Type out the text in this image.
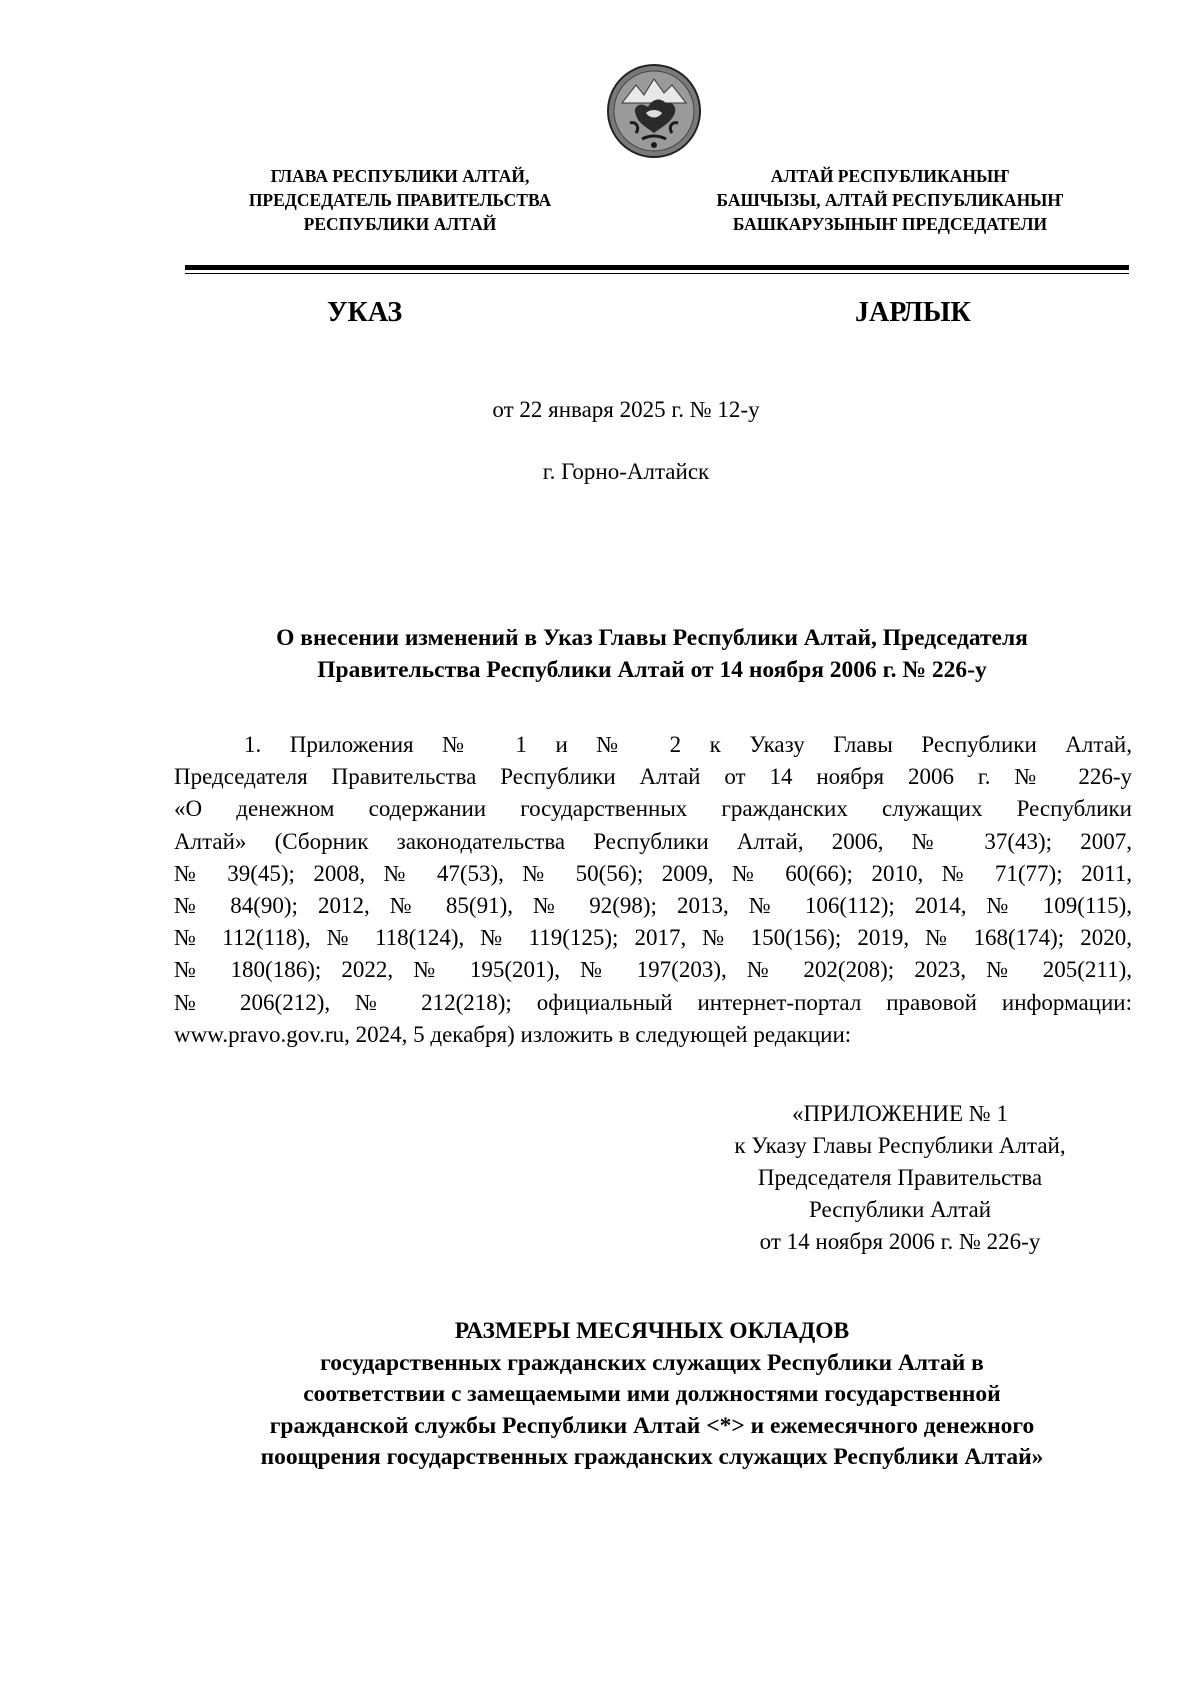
ГЛАВА РЕСПУБЛИКИ АЛТАЙ,
ПРЕДСЕДАТЕЛЬ ПРАВИТЕЛЬСТВА
РЕСПУБЛИКИ АЛТАЙ
АЛТАЙ РЕСПУБЛИКАНЫҤ
БАШЧЫЗЫ, АЛТАЙ РЕСПУБЛИКАНЫҤ
БАШКАРУЗЫНЫҤ ПРЕДСЕДАТЕЛИ
УКАЗ	ЈАРЛЫК
от 22 января 2025 г. № 12-у
г. Горно-Алтайск
О внесении изменений в Указ Главы Республики Алтай, Председателя
Правительства Республики Алтай от 14 ноября 2006 г. № 226-у
1. Приложения № 1 и № 2 к Указу Главы Республики Алтай,
Председателя Правительства Республики Алтай от 14 ноября 2006 г. № 226-у
«О денежном содержании государственных гражданских служащих Республики
Алтай» (Сборник законодательства Республики Алтай, 2006, № 37(43); 2007,
№ 39(45); 2008, № 47(53), № 50(56); 2009, № 60(66); 2010, № 71(77); 2011,
№ 84(90); 2012, № 85(91), № 92(98); 2013, № 106(112); 2014, № 109(115),
№ 112(118), № 118(124), № 119(125); 2017, № 150(156); 2019, № 168(174); 2020,
№ 180(186); 2022, № 195(201), № 197(203), № 202(208); 2023, № 205(211),
№ 206(212), № 212(218); официальный интернет-портал правовой информации:
www.pravo.gov.ru, 2024, 5 декабря) изложить в следующей редакции:
«ПРИЛОЖЕНИЕ № 1
к Указу Главы Республики Алтай,
Председателя Правительства
Республики Алтай
от 14 ноября 2006 г. № 226-у
РАЗМЕРЫ МЕСЯЧНЫХ ОКЛАДОВ
государственных гражданских служащих Республики Алтай в
соответствии с замещаемыми ими должностями государственной
гражданской службы Республики Алтай <*> и ежемесячного денежного
поощрения государственных гражданских служащих Республики Алтай»
